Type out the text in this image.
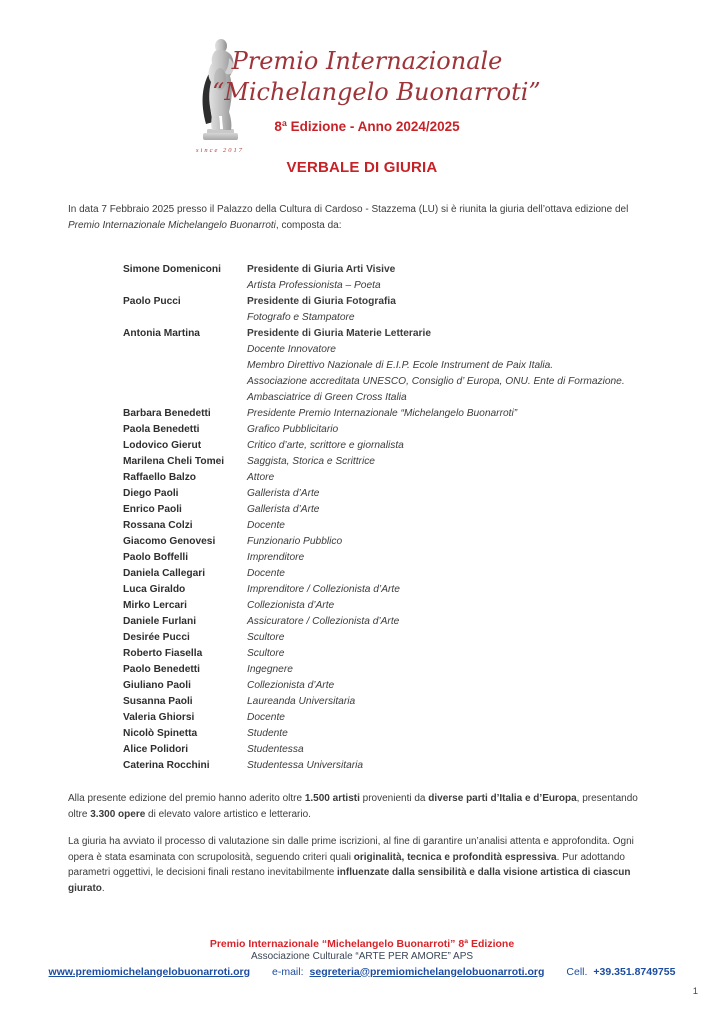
since 2017
Premio Internazionale
“Michelangelo Buonarroti”
8ª Edizione - Anno 2024/2025
VERBALE DI GIURIA

In data 7 Febbraio 2025 presso il Palazzo della Cultura di Cardoso - Stazzema (LU) si è riunita la giuria dell’ottava edizione del Premio Internazionale Michelangelo Buonarroti, composta da:

Simone Domeniconi	Presidente di Giuria Arti Visive
Artista Professionista – Poeta
Paolo Pucci	Presidente di Giuria Fotografia
Fotografo e Stampatore
Antonia Martina	Presidente di Giuria Materie Letterarie
Docente Innovatore
Membro Direttivo Nazionale di E.I.P. Ecole Instrument de Paix Italia.
Associazione accreditata UNESCO, Consiglio d’ Europa, ONU. Ente di Formazione.
Ambasciatrice di Green Cross Italia
Barbara Benedetti	Presidente Premio Internazionale “Michelangelo Buonarroti”
Paola Benedetti	Grafico Pubblicitario
Lodovico Gierut	Critico d’arte, scrittore e giornalista
Marilena Cheli Tomei	Saggista, Storica e Scrittrice
Raffaello Balzo	Attore
Diego Paoli	Gallerista d’Arte
Enrico Paoli	Gallerista d’Arte
Rossana Colzi	Docente
Giacomo Genovesi	Funzionario Pubblico
Paolo Boffelli	Imprenditore
Daniela Callegari	Docente
Luca Giraldo	Imprenditore / Collezionista d’Arte
Mirko Lercari	Collezionista d’Arte
Daniele Furlani	Assicuratore / Collezionista d’Arte
Desirée Pucci	Scultore
Roberto Fiasella	Scultore
Paolo Benedetti	Ingegnere
Giuliano Paoli	Collezionista d’Arte
Susanna Paoli	Laureanda Universitaria
Valeria Ghiorsi	Docente
Nicolò Spinetta	Studente
Alice Polidori	Studentessa
Caterina Rocchini	Studentessa Universitaria

Alla presente edizione del premio hanno aderito oltre 1.500 artisti provenienti da diverse parti d’Italia e d’Europa, presentando oltre 3.300 opere di elevato valore artistico e letterario.

La giuria ha avviato il processo di valutazione sin dalle prime iscrizioni, al fine di garantire un’analisi attenta e approfondita. Ogni opera è stata esaminata con scrupolosità, seguendo criteri quali originalità, tecnica e profondità espressiva. Pur adottando parametri oggettivi, le decisioni finali restano inevitabilmente influenzate dalla sensibilità e dalla visione artistica di ciascun giurato.

Premio Internazionale “Michelangelo Buonarroti” 8ª Edizione
Associazione Culturale “ARTE PER AMORE” APS
www.premiomichelangelobuonarroti.org e-mail: segreteria@premiomichelangelobuonarroti.org Cell. +39.351.8749755
1
